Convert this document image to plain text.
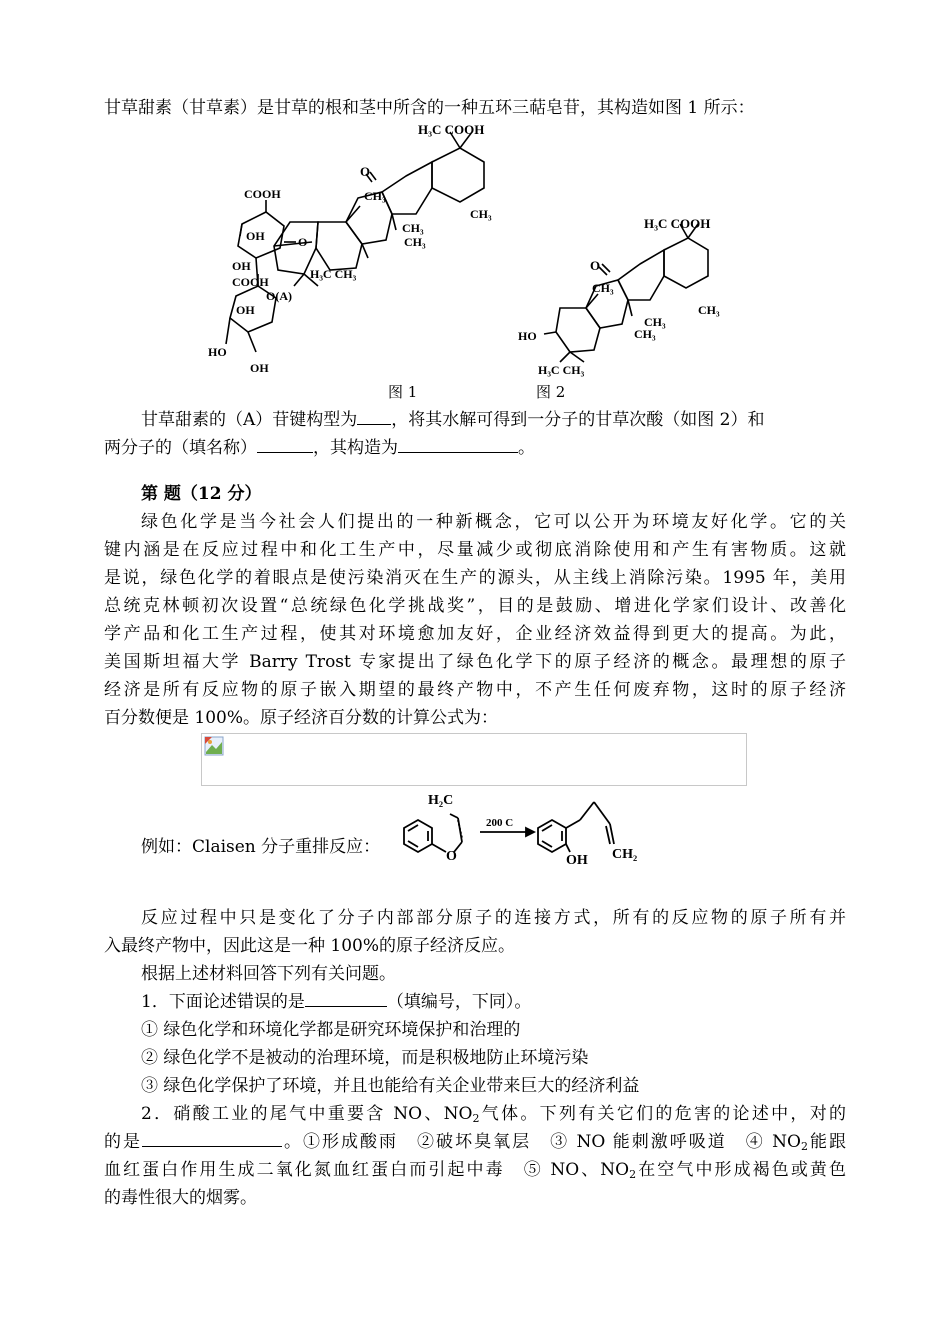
甘草甜素（甘草素）是甘草的根和茎中所含的一种五环三萜皂苷，其构造如图 1 所示：
H₃C COOH
O
CH₃
CH₃
CH₃
CH₃
H₃C CH₃
COOH
OH
OH
COOH
O(A)
OH
HO
OH
O
H₃C COOH
O
CH₃
CH₃
CH₃
CH₃
HO
H₃C CH₃
图 1	图 2
甘草甜素的（A）苷键构型为 ，将其水解可得到一分子的甘草次酸（如图 2）和
两分子的（填名称）	，其构造为	。
第 题（12 分）
绿色化学是当今社会人们提出的一种新概念，它可以公开为环境友好化学。它的关
键内涵是在反应过程中和化工生产中，尽量减少或彻底消除使用和产生有害物质。这就
是说，绿色化学的着眼点是使污染消灭在生产的源头，从主线上消除污染。1995 年，美用
总统克林顿初次设置“总统绿色化学挑战奖”，目的是鼓励、增进化学家们设计、改善化
学产品和化工生产过程，使其对环境愈加友好，企业经济效益得到更大的提高。为此，
美国斯坦福大学 Barry Trost 专家提出了绿色化学下的原子经济的概念。最理想的原子
经济是所有反应物的原子嵌入期望的最终产物中，不产生任何废弃物，这时的原子经济
百分数便是 100%。原子经济百分数的计算公式为：
例如：Claisen 分子重排反应：
H₂C
200 C
O	OH CH₂
反应过程中只是变化了分子内部部分原子的连接方式，所有的反应物的原子所有并
入最终产物中，因此这是一种 100%的原子经济反应。
根据上述材料回答下列有关问题。
1．下面论述错误的是	（填编号，下同）。
① 绿色化学和环境化学都是研究环境保护和治理的
② 绿色化学不是被动的治理环境，而是积极地防止环境污染
③ 绿色化学保护了环境，并且也能给有关企业带来巨大的经济利益
2．硝酸工业的尾气中重要含 NO、$NO_2$气体。下列有关它们的危害的论述中，对的
的是	。①形成酸雨　②破坏臭氧层　③ NO 能刺激呼吸道　④ $NO_2$能跟
血红蛋白作用生成二氧化氮血红蛋白而引起中毒　⑤ NO、$NO_2$在空气中形成褐色或黄色
的毒性很大的烟雾。
